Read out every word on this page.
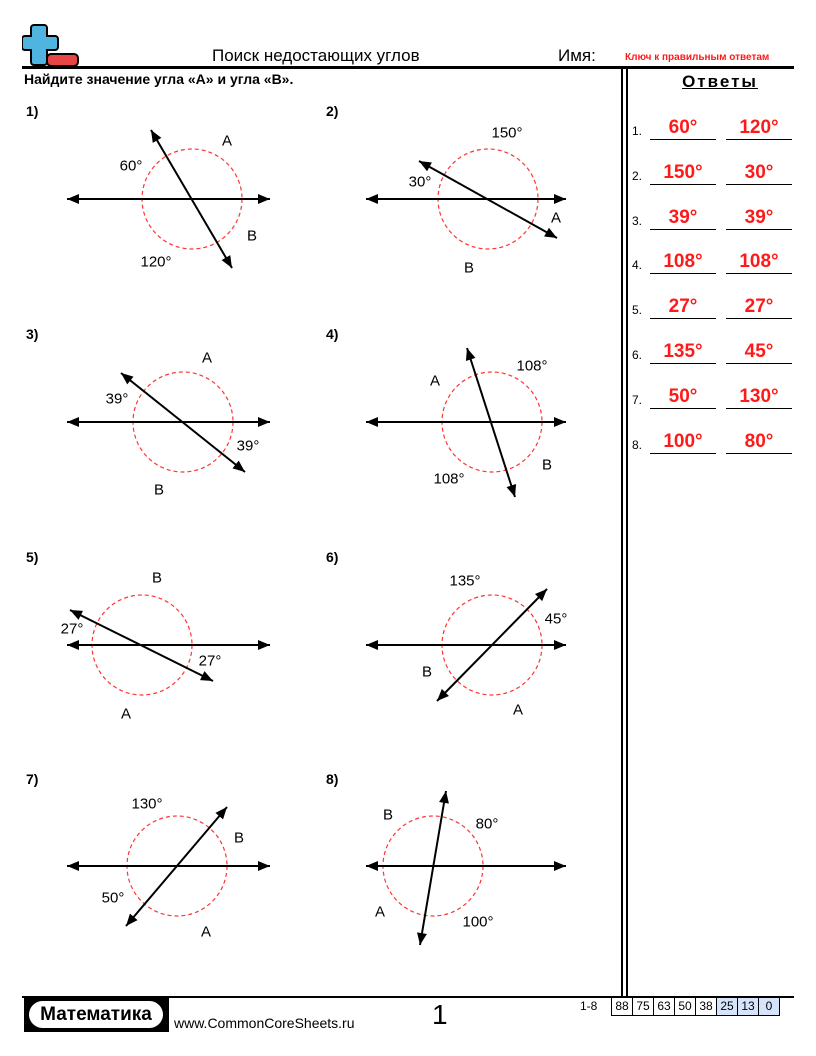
Поиск недостающих углов	Имя:	Ключ к правильным ответам
Найдите значение угла «A» и угла «B».	Ответы
1.	60°	120°
2.	150°	30°
3.	39°	39°
4.	108°	108°
5.	27°	27°
6.	135°	45°
7.	50°	130°
8.	100°	80°
1)
60°
A
B
120°
2)
150°
30°
A
B
3)
A
39°
39°
B
4)
108°
A
B
108°
5)
B
27°
27°
A
6)
135°
45°
B
A
7)
130°
B
50°
A
8)
B
80°
A
100°
Математика	www.CommonCoreSheets.ru	1	1-8	88 75 63 50 38 25 13 0
